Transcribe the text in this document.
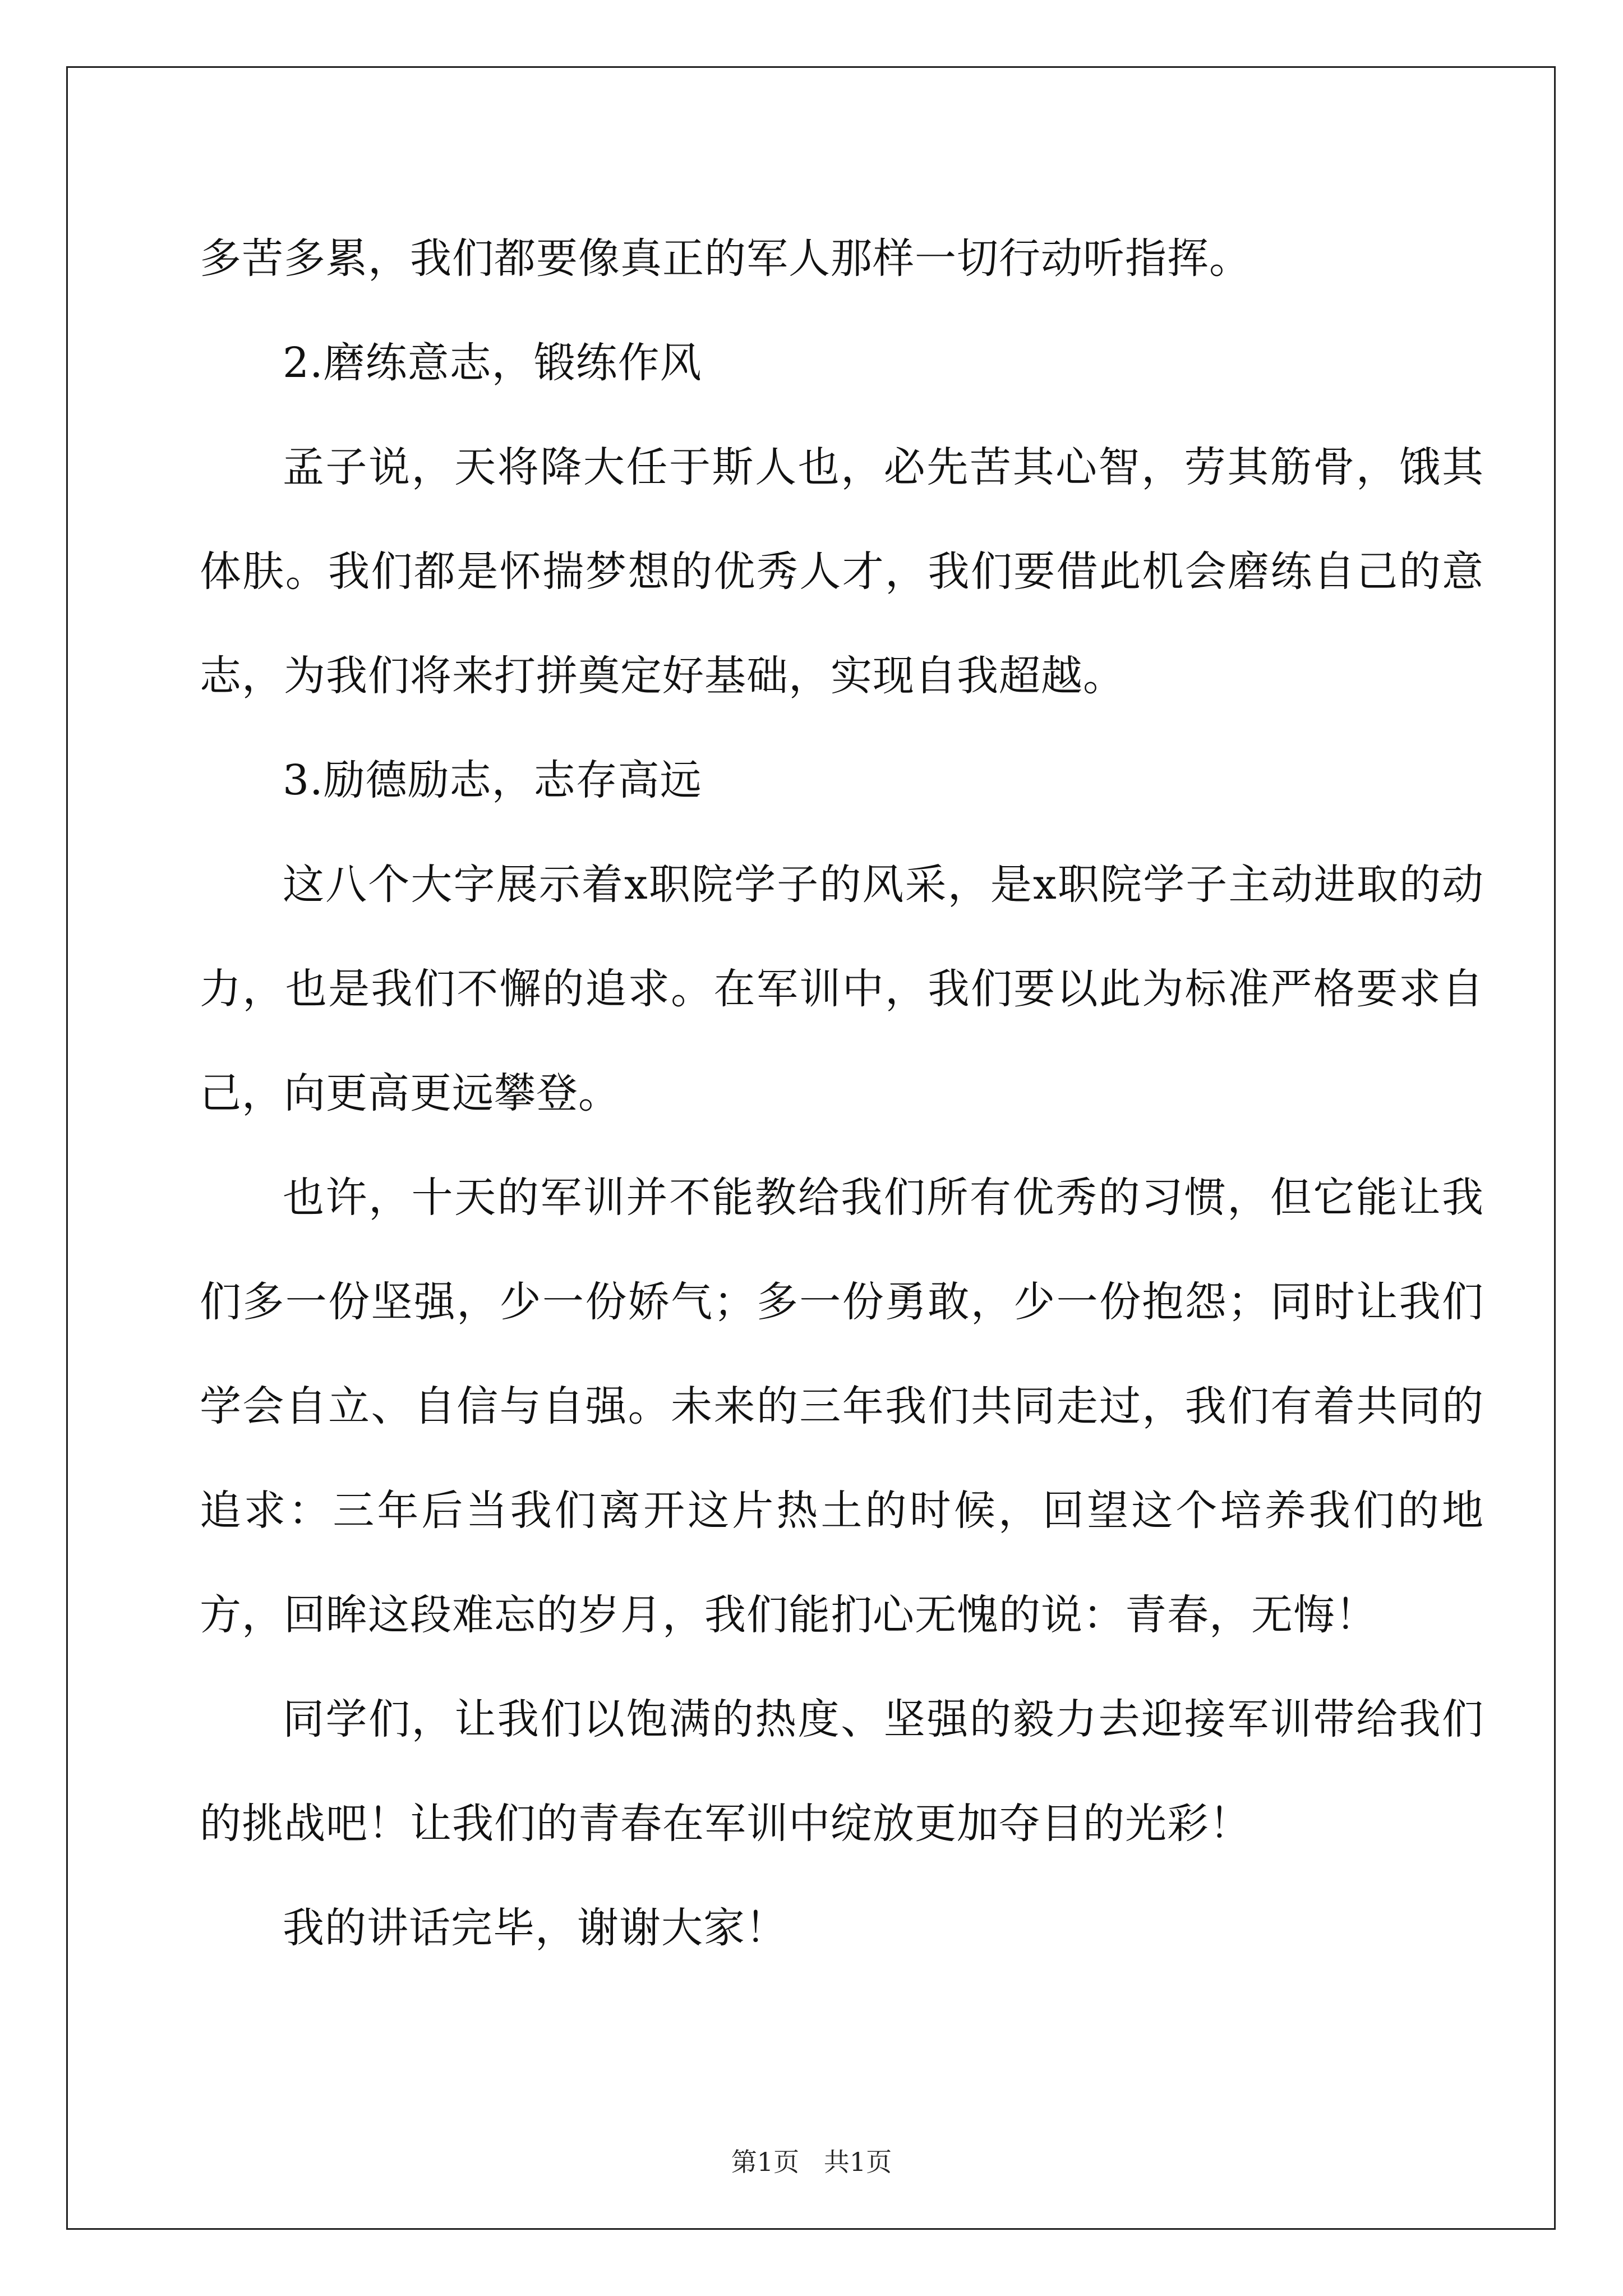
多苦多累，我们都要像真正的军人那样一切行动听指挥。

2.磨练意志，锻练作风

孟子说，天将降大任于斯人也，必先苦其心智，劳其筋骨，饿其体肤。我们都是怀揣梦想的优秀人才，我们要借此机会磨练自己的意志，为我们将来打拼奠定好基础，实现自我超越。

3.励德励志，志存高远

这八个大字展示着x职院学子的风采，是x职院学子主动进取的动力，也是我们不懈的追求。在军训中，我们要以此为标准严格要求自己，向更高更远攀登。

也许，十天的军训并不能教给我们所有优秀的习惯，但它能让我们多一份坚强，少一份娇气；多一份勇敢，少一份抱怨；同时让我们学会自立、自信与自强。未来的三年我们共同走过，我们有着共同的追求：三年后当我们离开这片热土的时候，回望这个培养我们的地方，回眸这段难忘的岁月，我们能扪心无愧的说：青春，无悔！

同学们，让我们以饱满的热度、坚强的毅力去迎接军训带给我们的挑战吧！让我们的青春在军训中绽放更加夺目的光彩！

我的讲话完毕，谢谢大家！

第1页   共1页
